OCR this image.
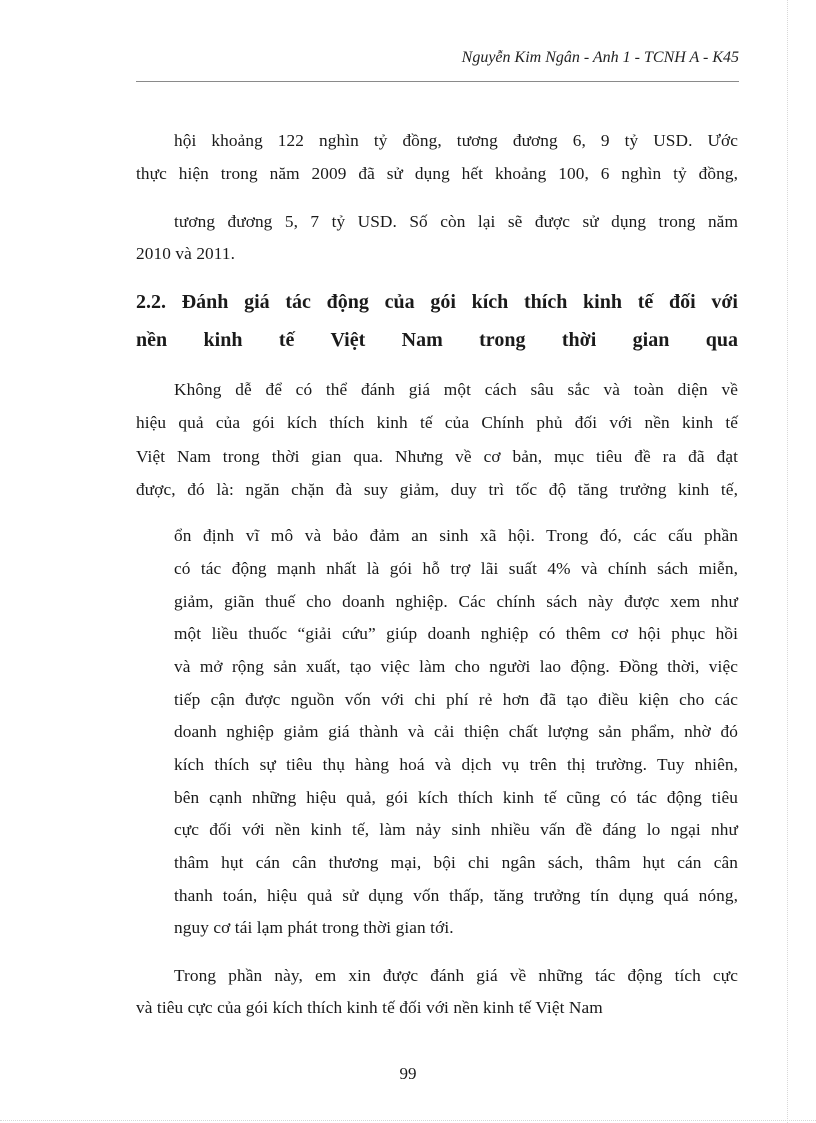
Nguyễn Kim Ngân - Anh 1 - TCNH A - K45
hội khoảng 122 nghìn tỷ đồng, tương đương 6, 9 tỷ USD. Ước
thực hiện trong năm 2009 đã sử dụng hết khoảng 100, 6 nghìn tỷ đồng,
tương đương 5, 7 tỷ USD. Số còn lại sẽ được sử dụng trong năm
2010 và 2011.
2.2. Đánh giá tác động của gói kích thích kinh tế đối với
nền kinh tế Việt Nam trong thời gian qua
Không dễ để có thể đánh giá một cách sâu sắc và toàn diện về
hiệu quả của gói kích thích kinh tế của Chính phủ đối với nền kinh tế
Việt Nam trong thời gian qua. Nhưng về cơ bản, mục tiêu đề ra đã đạt
được, đó là: ngăn chặn đà suy giảm, duy trì tốc độ tăng trưởng kinh tế,
ổn định vĩ mô và bảo đảm an sinh xã hội. Trong đó, các cấu phần
có tác động mạnh nhất là gói hỗ trợ lãi suất 4% và chính sách miễn,
giảm, giãn thuế cho doanh nghiệp. Các chính sách này được xem như
một liều thuốc “giải cứu” giúp doanh nghiệp có thêm cơ hội phục hồi
và mở rộng sản xuất, tạo việc làm cho người lao động. Đồng thời, việc
tiếp cận được nguồn vốn với chi phí rẻ hơn đã tạo điều kiện cho các
doanh nghiệp giảm giá thành và cải thiện chất lượng sản phẩm, nhờ đó
kích thích sự tiêu thụ hàng hoá và dịch vụ trên thị trường. Tuy nhiên,
bên cạnh những hiệu quả, gói kích thích kinh tế cũng có tác động tiêu
cực đối với nền kinh tế, làm nảy sinh nhiều vấn đề đáng lo ngại như
thâm hụt cán cân thương mại, bội chi ngân sách, thâm hụt cán cân
thanh toán, hiệu quả sử dụng vốn thấp, tăng trưởng tín dụng quá nóng,
nguy cơ tái lạm phát trong thời gian tới.
Trong phần này, em xin được đánh giá về những tác động tích cực
và tiêu cực của gói kích thích kinh tế đối với nền kinh tế Việt Nam
99
